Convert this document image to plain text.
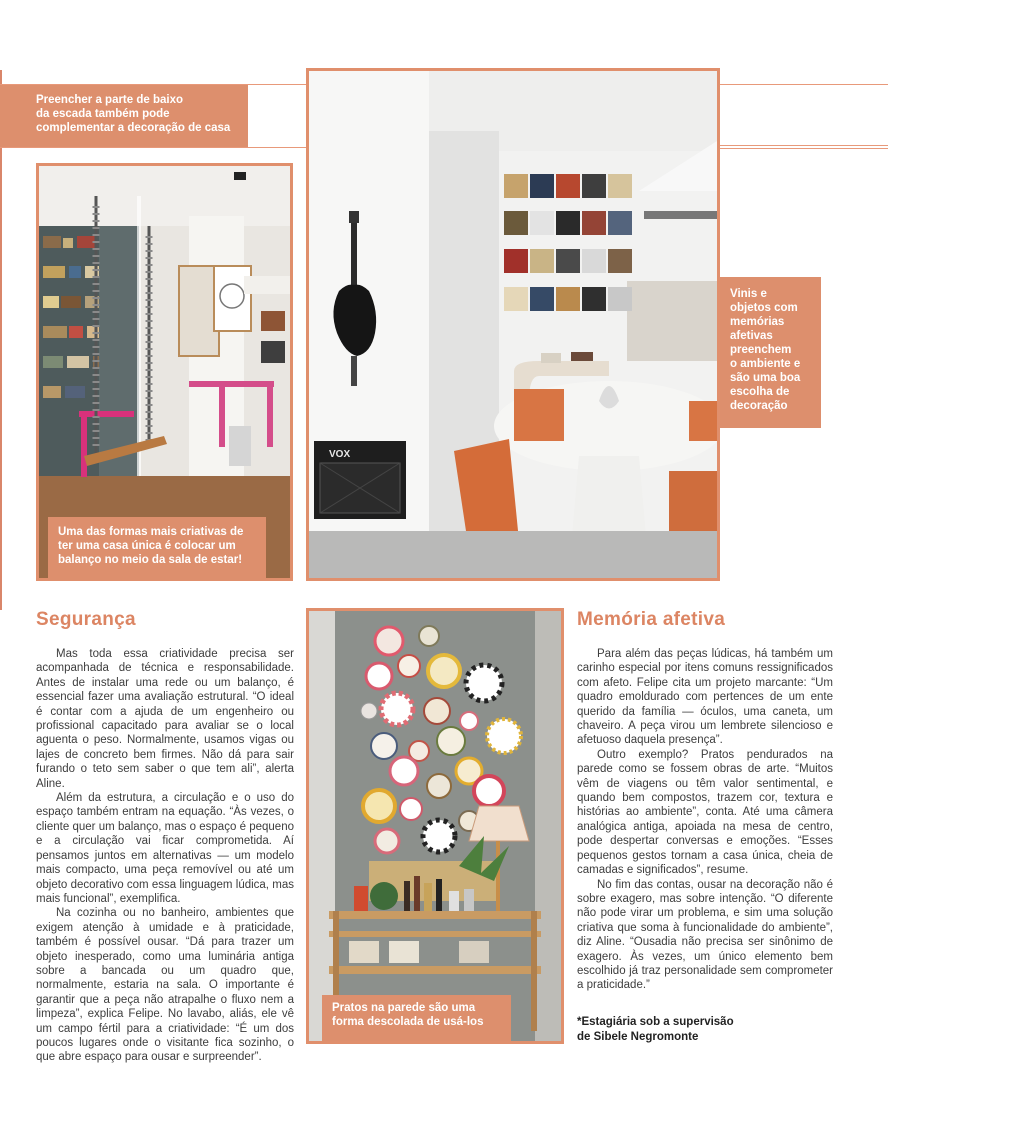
Preencher a parte de baixo
da escada também pode
complementar a decoração de casa
Uma das formas mais criativas de
ter uma casa única é colocar um
balanço no meio da sala de estar!
VOX
Vinis e
objetos com
memórias
afetivas
preenchem
o ambiente e
são uma boa
escolha de
decoração
Segurança

Mas toda essa criatividade precisa ser acompanhada de técnica e responsabilidade. Antes de instalar uma rede ou um balanço, é essencial fazer uma avaliação estrutural. “O ideal é contar com a ajuda de um engenheiro ou profissional capacitado para avaliar se o local aguenta o peso. Normalmente, usamos vigas ou lajes de concreto bem firmes. Não dá para sair furando o teto sem saber o que tem ali”, alerta Aline.

Além da estrutura, a circulação e o uso do espaço também entram na equação. “Às vezes, o cliente quer um balanço, mas o espaço é pequeno e a circulação vai ficar comprometida. Aí pensamos juntos em alternativas — um modelo mais compacto, uma peça removível ou até um objeto decorativo com essa linguagem lúdica, mas mais funcional”, exemplifica.

Na cozinha ou no banheiro, ambientes que exigem atenção à umidade e à praticidade, também é possível ousar. “Dá para trazer um objeto inesperado, como uma luminária antiga sobre a bancada ou um quadro que, normalmente, estaria na sala. O importante é garantir que a peça não atrapalhe o fluxo nem a limpeza”, explica Felipe. No lavabo, aliás, ele vê um campo fértil para a criatividade: “É um dos poucos lugares onde o visitante fica sozinho, o que abre espaço para ousar e surpreender”.

Pratos na parede são uma
forma descolada de usá-los
Memória afetiva

Para além das peças lúdicas, há também um carinho especial por itens comuns ressignificados com afeto. Felipe cita um projeto marcante: “Um quadro emoldurado com pertences de um ente querido da família — óculos, uma caneta, um chaveiro. A peça virou um lembrete silencioso e afetuoso daquela presença”.

Outro exemplo? Pratos pendurados na parede como se fossem obras de arte. “Muitos vêm de viagens ou têm valor sentimental, e quando bem compostos, trazem cor, textura e histórias ao ambiente”, conta. Até uma câmera analógica antiga, apoiada na mesa de centro, pode despertar conversas e emoções. “Esses pequenos gestos tornam a casa única, cheia de camadas e significados”, resume.

No fim das contas, ousar na decoração não é sobre exagero, mas sobre intenção. “O diferente não pode virar um problema, e sim uma solução criativa que soma à funcionalidade do ambiente”, diz Aline. “Ousadia não precisa ser sinônimo de exagero. Às vezes, um único elemento bem escolhido já traz personalidade sem comprometer a praticidade.”

*Estagiária sob a supervisão
de Sibele Negromonte
